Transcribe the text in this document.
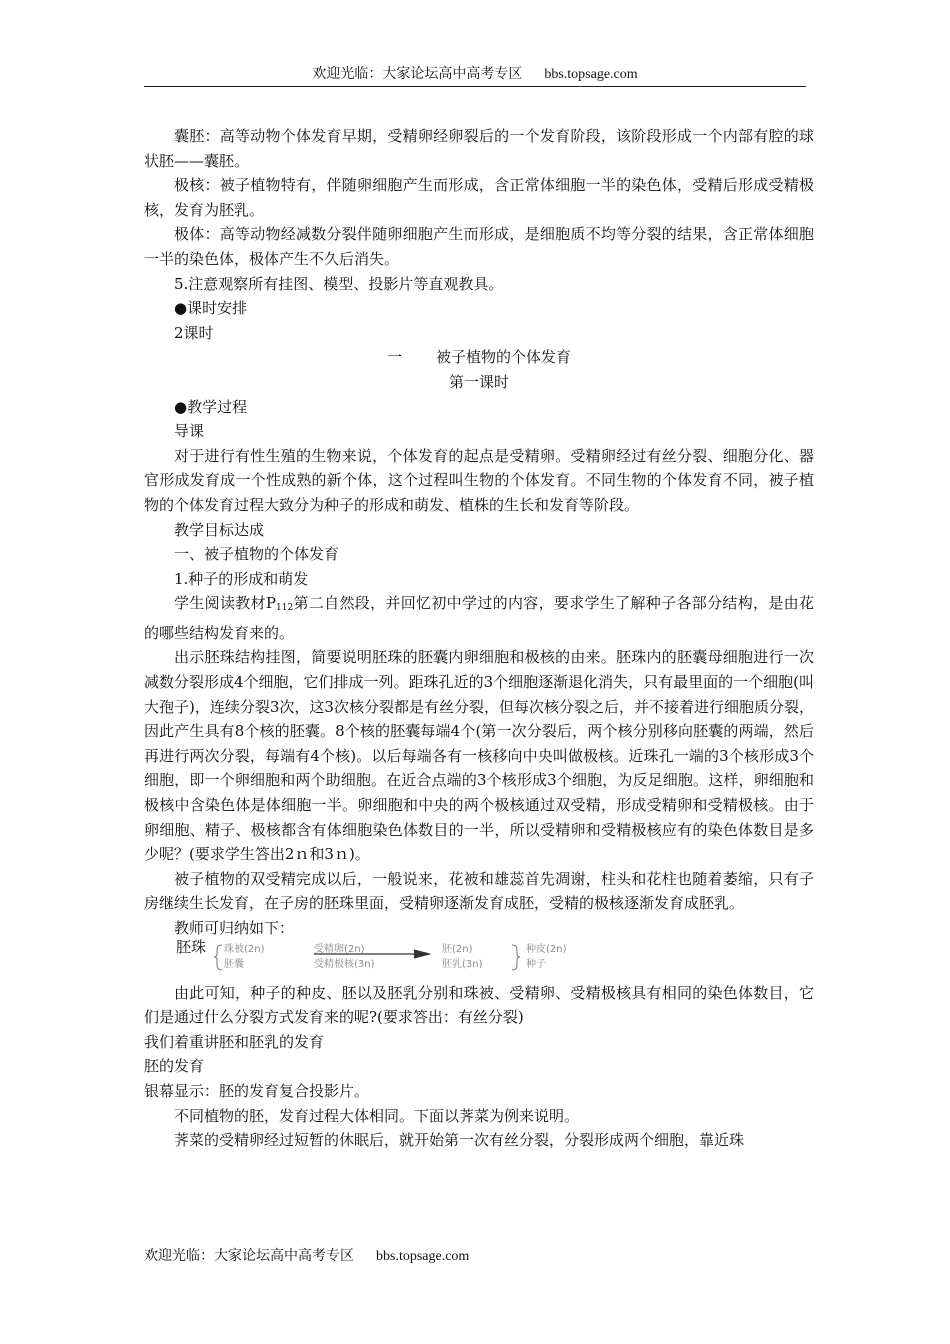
欢迎光临：大家论坛高中高考专区 bbs.topsage.com

囊胚：高等动物个体发育早期，受精卵经卵裂后的一个发育阶段，该阶段形成一个内部有腔的球状胚——囊胚。

极核：被子植物特有，伴随卵细胞产生而形成，含正常体细胞一半的染色体，受精后形成受精极核，发育为胚乳。

极体：高等动物经减数分裂伴随卵细胞产生而形成，是细胞质不均等分裂的结果，含正常体细胞一半的染色体，极体产生不久后消失。

5.注意观察所有挂图、模型、投影片等直观教具。

●课时安排

2课时

一 被子植物的个体发育

第一课时

●教学过程

导课

对于进行有性生殖的生物来说，个体发育的起点是受精卵。受精卵经过有丝分裂、细胞分化、器官形成发育成一个性成熟的新个体，这个过程叫生物的个体发育。不同生物的个体发育不同，被子植物的个体发育过程大致分为种子的形成和萌发、植株的生长和发育等阶段。

教学目标达成

一、被子植物的个体发育

1.种子的形成和萌发

学生阅读教材$P_{112}$第二自然段，并回忆初中学过的内容，要求学生了解种子各部分结构，是由花的哪些结构发育来的。

出示胚珠结构挂图，简要说明胚珠的胚囊内卵细胞和极核的由来。胚珠内的胚囊母细胞进行一次减数分裂形成4个细胞，它们排成一列。距珠孔近的3个细胞逐渐退化消失，只有最里面的一个细胞(叫大孢子)，连续分裂3次，这3次核分裂都是有丝分裂，但每次核分裂之后，并不接着进行细胞质分裂，因此产生具有8个核的胚囊。8个核的胚囊每端4个(第一次分裂后，两个核分别移向胚囊的两端，然后再进行两次分裂，每端有4个核)。以后每端各有一核移向中央叫做极核。近珠孔一端的3个核形成3个细胞，即一个卵细胞和两个助细胞。在近合点端的3个核形成3个细胞，为反足细胞。这样，卵细胞和极核中含染色体是体细胞一半。卵细胞和中央的两个极核通过双受精，形成受精卵和受精极核。由于卵细胞、精子、极核都含有体细胞染色体数目的一半，所以受精卵和受精极核应有的染色体数目是多少呢？(要求学生答出2ｎ和3ｎ)。

被子植物的双受精完成以后，一般说来，花被和雄蕊首先凋谢，柱头和花柱也随着萎缩，只有子房继续生长发育，在子房的胚珠里面，受精卵逐渐发育成胚，受精的极核逐渐发育成胚乳。

教师可归纳如下：

胚珠 珠被(2n)	受精卵(2n)	胚(2n)	种皮(2n)
胚囊	受精极核(3n)	胚乳(3n)	种子

由此可知，种子的种皮、胚以及胚乳分别和珠被、受精卵、受精极核具有相同的染色体数目，它们是通过什么分裂方式发育来的呢?(要求答出：有丝分裂)

我们着重讲胚和胚乳的发育

胚的发育

银幕显示：胚的发育复合投影片。

不同植物的胚，发育过程大体相同。下面以荠菜为例来说明。

荠菜的受精卵经过短暂的休眠后，就开始第一次有丝分裂，分裂形成两个细胞，靠近珠

欢迎光临：大家论坛高中高考专区 bbs.topsage.com
